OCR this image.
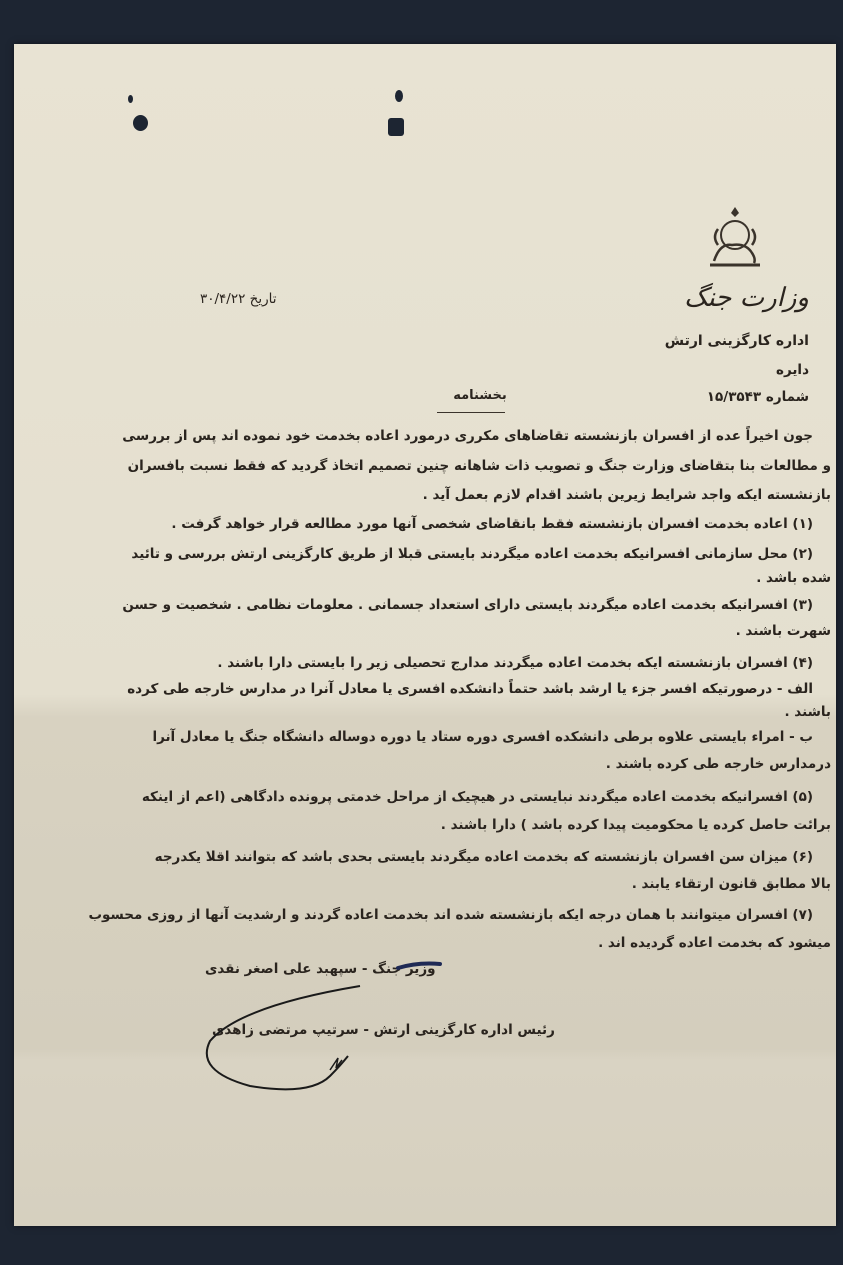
وزارت جنگ
اداره کارگزینی ارتش
دایره
شماره ۱۵/۳۵۴۳
تاریخ ۳۰/۴/۲۲
بخشنامه
جون اخیراً عده از افسران بازنشسته تقاضاهای مکرری درمورد اعاده بخدمت خود نموده اند پس از بررسی
و مطالعات بنا بتقاضای وزارت جنگ و تصویب ذات شاهانه چنین تصمیم اتخاذ گردید که فقط نسبت بافسران
بازنشسته ایکه واجد شرایط زیرین باشند اقدام لازم بعمل آید .
(۱) اعاده بخدمت افسران بازنشسته فقط بانقاضای شخصی آنها مورد مطالعه قرار خواهد گرفت .
(۲) محل سازمانی افسرانیکه بخدمت اعاده میگردند بایستی قبلا از طریق کارگزینی ارتش بررسی و تائید
شده باشد .
(۳) افسرانیکه بخدمت اعاده میگردند بایستی دارای استعداد جسمانی . معلومات نظامی . شخصیت و حسن
شهرت باشند .
(۴) افسران بازنشسته ایکه بخدمت اعاده میگردند مدارج تحصیلی زیر را بایستی دارا باشند .
الف - درصورتیکه افسر جزء یا ارشد باشد حتماً دانشکده افسری یا معادل آنرا در مدارس خارجه طی کرده
باشند .
ب - امراء بایستی علاوه برطی دانشکده افسری دوره ستاد یا دوره دوساله دانشگاه جنگ یا معادل آنرا
درمدارس خارجه طی کرده باشند .
(۵) افسرانیکه بخدمت اعاده میگردند نبایستی در هیچیک از مراحل خدمتی پرونده دادگاهی (اعم از اینکه
برائت حاصل کرده یا محکومیت پیدا کرده باشد ) دارا باشند .
(۶) میزان سن افسران بازنشسته که بخدمت اعاده میگردند بایستی بحدی باشد که بتوانند اقلا یکدرجه
بالا مطابق قانون ارتقاء یابند .
(۷) افسران میتوانند با همان درجه ایکه بازنشسته شده اند بخدمت اعاده گردند و ارشدیت آنها از روزی محسوب
میشود که بخدمت اعاده گردیده اند .
وزیر جنگ - سپهبد علی اصغر نقدی
رئیس اداره کارگزینی ارتش - سرتیپ مرتضی زاهدی
